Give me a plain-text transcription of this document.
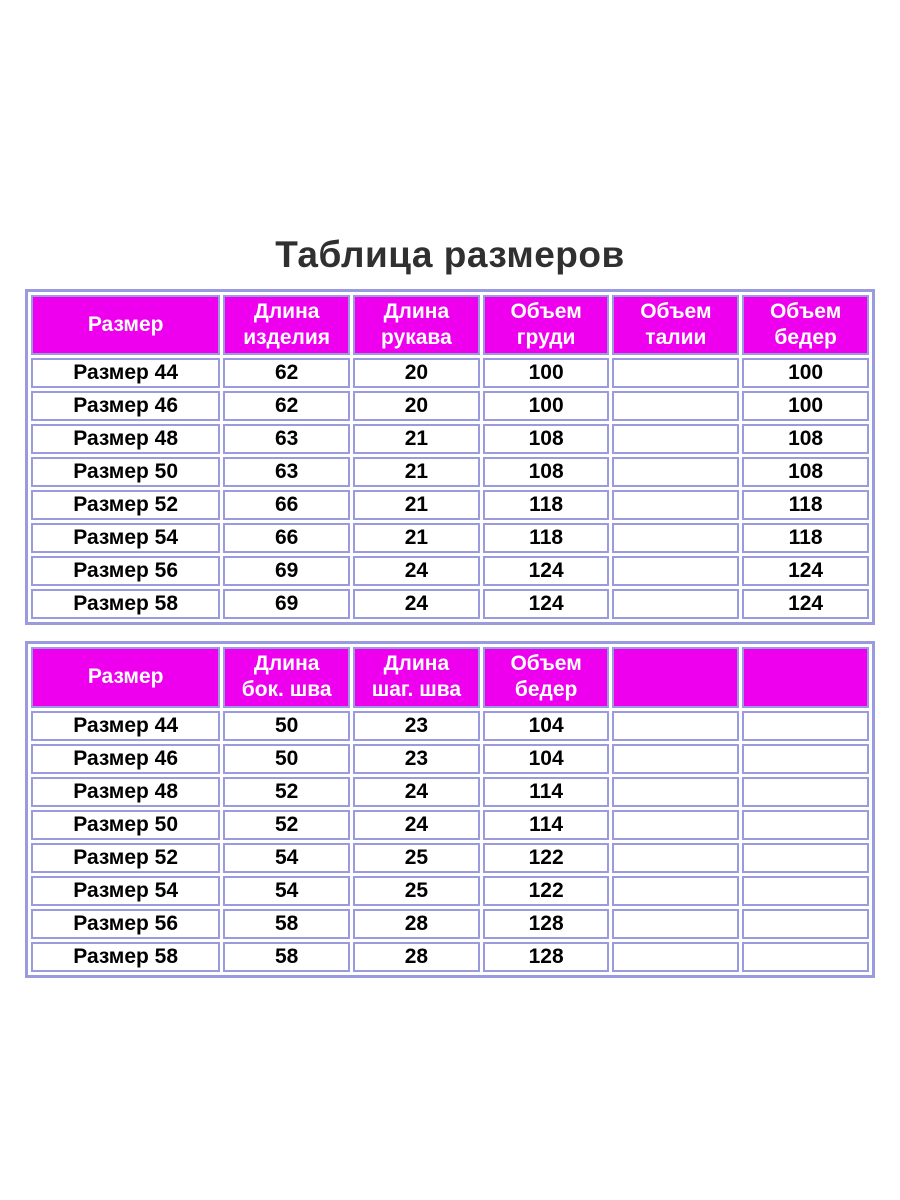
Таблица размеров
Размер	Длина изделия	Длина рукава	Объем груди	Объем талии	Объем бедер
Размер 44	62	20	100		100
Размер 46	62	20	100		100
Размер 48	63	21	108		108
Размер 50	63	21	108		108
Размер 52	66	21	118		118
Размер 54	66	21	118		118
Размер 56	69	24	124		124
Размер 58	69	24	124		124
Размер	Длина бок. шва	Длина шаг. шва	Объем бедер		
Размер 44	50	23	104		
Размер 46	50	23	104		
Размер 48	52	24	114		
Размер 50	52	24	114		
Размер 52	54	25	122		
Размер 54	54	25	122		
Размер 56	58	28	128		
Размер 58	58	28	128		
